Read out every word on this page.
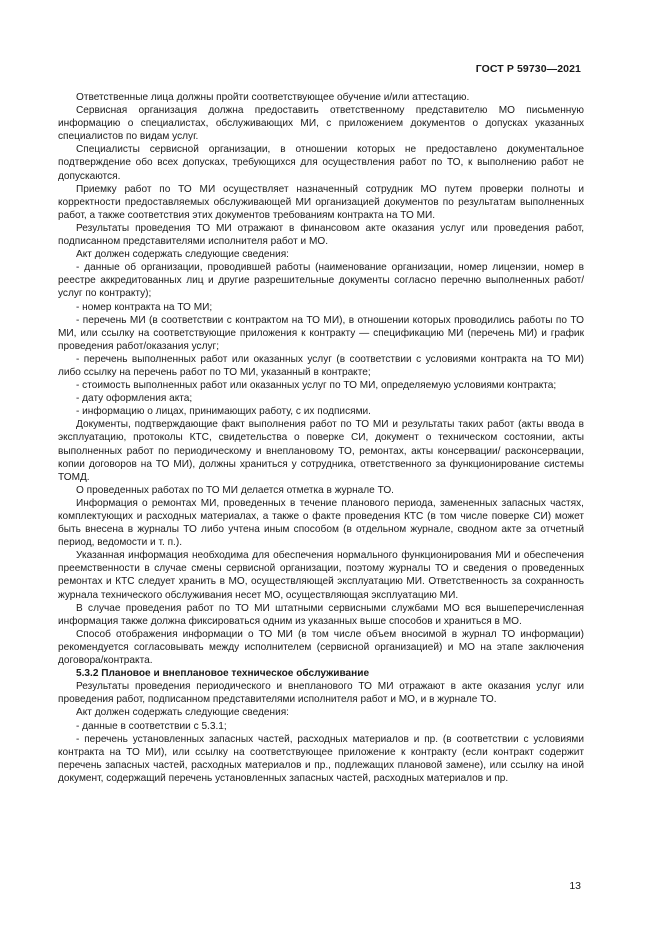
ГОСТ Р 59730—2021

Ответственные лица должны пройти соответствующее обучение и/или аттестацию.

Сервисная организация должна предоставить ответственному представителю МО письменную информацию о специалистах, обслуживающих МИ, с приложением документов о допусках указанных специалистов по видам услуг.

Специалисты сервисной организации, в отношении которых не предоставлено документальное подтверждение обо всех допусках, требующихся для осуществления работ по ТО, к выполнению работ не допускаются.

Приемку работ по ТО МИ осуществляет назначенный сотрудник МО путем проверки полноты и корректности предоставляемых обслуживающей МИ организацией документов по результатам выполненных работ, а также соответствия этих документов требованиям контракта на ТО МИ.

Результаты проведения ТО МИ отражают в финансовом акте оказания услуг или проведения работ, подписанном представителями исполнителя работ и МО.

Акт должен содержать следующие сведения:

- данные об организации, проводившей работы (наименование организации, номер лицензии, номер в реестре аккредитованных лиц и другие разрешительные документы согласно перечню выполненных работ/услуг по контракту);

- номер контракта на ТО МИ;

- перечень МИ (в соответствии с контрактом на ТО МИ), в отношении которых проводились работы по ТО МИ, или ссылку на соответствующие приложения к контракту — спецификацию МИ (перечень МИ) и график проведения работ/оказания услуг;

- перечень выполненных работ или оказанных услуг (в соответствии с условиями контракта на ТО МИ) либо ссылку на перечень работ по ТО МИ, указанный в контракте;

- стоимость выполненных работ или оказанных услуг по ТО МИ, определяемую условиями контракта;

- дату оформления акта;

- информацию о лицах, принимающих работу, с их подписями.

Документы, подтверждающие факт выполнения работ по ТО МИ и результаты таких работ (акты ввода в эксплуатацию, протоколы КТС, свидетельства о поверке СИ, документ о техническом состоянии, акты выполненных работ по периодическому и внеплановому ТО, ремонтах, акты консервации/ расконсервации, копии договоров на ТО МИ), должны храниться у сотрудника, ответственного за функционирование системы ТОМД.

О проведенных работах по ТО МИ делается отметка в журнале ТО.

Информация о ремонтах МИ, проведенных в течение планового периода, замененных запасных частях, комплектующих и расходных материалах, а также о факте проведения КТС (в том числе поверке СИ) может быть внесена в журналы ТО либо учтена иным способом (в отдельном журнале, сводном акте за отчетный период, ведомости и т. п.).

Указанная информация необходима для обеспечения нормального функционирования МИ и обеспечения преемственности в случае смены сервисной организации, поэтому журналы ТО и сведения о проведенных ремонтах и КТС следует хранить в МО, осуществляющей эксплуатацию МИ. Ответственность за сохранность журнала технического обслуживания несет МО, осуществляющая эксплуатацию МИ.

В случае проведения работ по ТО МИ штатными сервисными службами МО вся вышеперечисленная информация также должна фиксироваться одним из указанных выше способов и храниться в МО.

Способ отображения информации о ТО МИ (в том числе объем вносимой в журнал ТО информации) рекомендуется согласовывать между исполнителем (сервисной организацией) и МО на этапе заключения договора/контракта.

5.3.2 Плановое и внеплановое техническое обслуживание

Результаты проведения периодического и внепланового ТО МИ отражают в акте оказания услуг или проведения работ, подписанном представителями исполнителя работ и МО, и в журнале ТО.

Акт должен содержать следующие сведения:

- данные в соответствии с 5.3.1;

- перечень установленных запасных частей, расходных материалов и пр. (в соответствии с условиями контракта на ТО МИ), или ссылку на соответствующее приложение к контракту (если контракт содержит перечень запасных частей, расходных материалов и пр., подлежащих плановой замене), или ссылку на иной документ, содержащий перечень установленных запасных частей, расходных материалов и пр.

13
